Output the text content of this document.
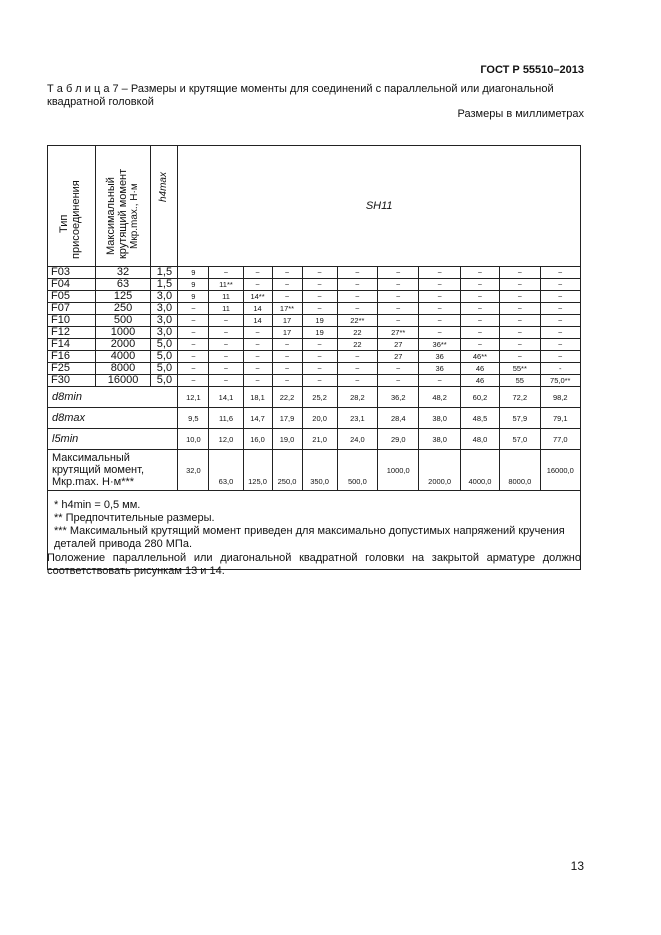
ГОСТ Р 55510–2013
Т а б л и ц а 7 – Размеры и крутящие моменты для соединений с параллельной или диагональной квадратной головкой
Размеры в миллиметрах
Тип присоединения	Максимальный
крутящий момент
Мкр.max., Н·м	h4max	SH11										
F03	32	1,5	9	~	~	~	~	~	~	~	~	~	~
F04	63	1,5	9	11**	~	~	~	~	~	~	~	~	~
F05	125	3,0	9	11	14**	~	~	~	~	~	~	~	~
F07	250	3,0	~	11	14	17**	~	~	~	~	~	~	~
F10	500	3,0	~	~	14	17	19	22**	~	~	~	~	~
F12	1000	3,0	~	~	~	17	19	22	27**	~	~	~	~
F14	2000	5,0	~	~	~	~	~	22	27	36**	~	~	~
F16	4000	5,0	~	~	~	~	~	~	27	36	46**	~	~
F25	8000	5,0	~	~	~	~	~	~	~	36	46	55**	-
F30	16000	5,0	~	~	~	~	~	~	~	~	46	55	75,0**
d8min			12,1	14,1	18,1	22,2	25,2	28,2	36,2	48,2	60,2	72,2	98,2
d8max			9,5	11,6	14,7	17,9	20,0	23,1	28,4	38,0	48,5	57,9	79,1
l5min			10,0	12,0	16,0	19,0	21,0	24,0	29,0	38,0	48,0	57,0	77,0
Максимальный
крутящий момент,
Мкр.max. Н·м***			32,0	63,0	125,0	250,0	350,0	500,0	1000,0	2000,0	4000,0	8000,0	16000,0

* h4min = 0,5 мм.
** Предпочтительные размеры.
*** Максимальный крутящий момент приведен для максимально допустимых напряжений кручения деталей привода 280 МПа.													
Положение параллельной или диагональной квадратной головки на закрытой арматуре должно соответствовать рисункам 13 и 14.
13
